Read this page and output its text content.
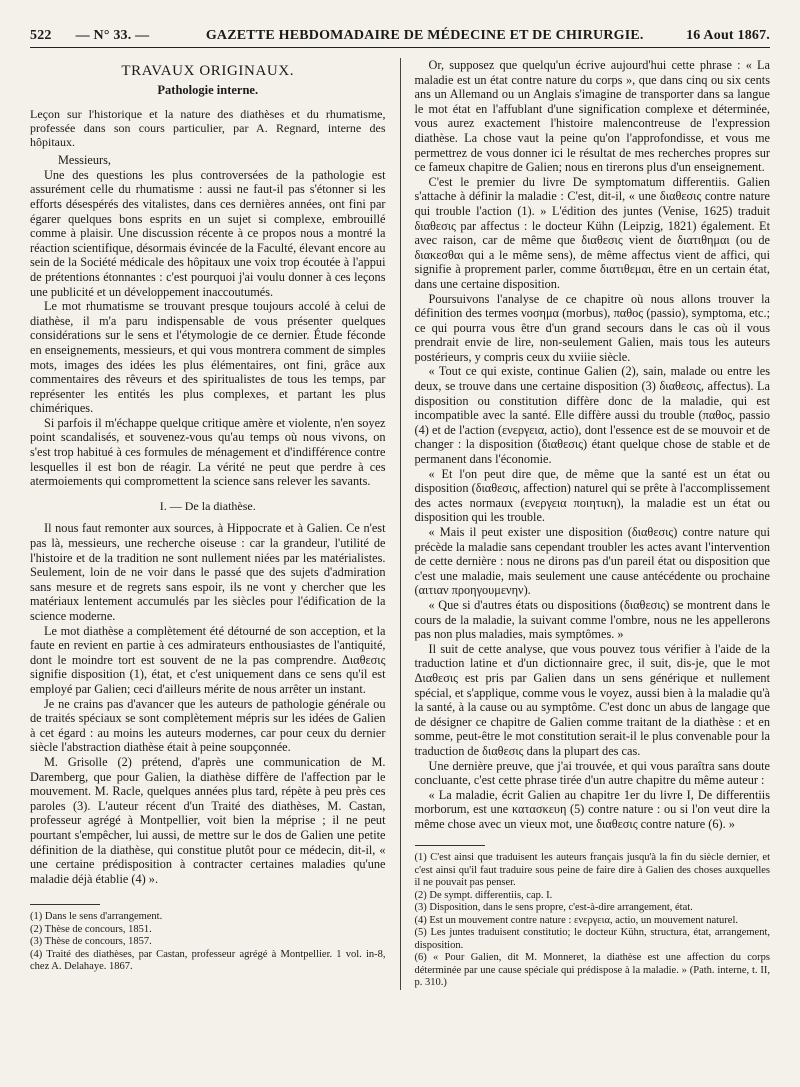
522 — N° 33. —	GAZETTE HEBDOMADAIRE DE MÉDECINE ET DE CHIRURGIE.	16 Aout 1867.
TRAVAUX ORIGINAUX.
Pathologie interne.

Leçon sur l'historique et la nature des diathèses et du rhumatisme, professée dans son cours particulier, par A. Regnard, interne des hôpitaux.

Messieurs,

Une des questions les plus controversées de la pathologie est assurément celle du rhumatisme : aussi ne faut-il pas s'étonner si les efforts désespérés des vitalistes, dans ces dernières années, ont fini par égarer quelques bons esprits en un sujet si complexe, embrouillé comme à plaisir. Une discussion récente à ce propos nous a montré la réaction scientifique, désormais évincée de la Faculté, élevant encore au sein de la Société médicale des hôpitaux une voix trop écoutée à l'appui de prétentions étonnantes : c'est pourquoi j'ai voulu donner à ces leçons une publicité et un développement inaccoutumés.

Le mot rhumatisme se trouvant presque toujours accolé à celui de diathèse, il m'a paru indispensable de vous présenter quelques considérations sur le sens et l'étymologie de ce dernier. Étude féconde en enseignements, messieurs, et qui vous montrera comment de simples mots, images des idées les plus élémentaires, ont fini, grâce aux commentaires des rêveurs et des spiritualistes de tous les temps, par représenter les entités les plus complexes, et partant les plus chimériques.

Si parfois il m'échappe quelque critique amère et violente, n'en soyez point scandalisés, et souvenez-vous qu'au temps où nous vivons, on s'est trop habitué à ces formules de ménagement et d'indifférence contre lesquelles il est bon de réagir. La vérité ne peut que perdre à ces atermoiements qui compromettent la science sans relever les savants.

I. — De la diathèse.

Il nous faut remonter aux sources, à Hippocrate et à Galien. Ce n'est pas là, messieurs, une recherche oiseuse : car la grandeur, l'utilité de l'histoire et de la tradition ne sont nullement niées par les matérialistes. Seulement, loin de ne voir dans le passé que des sujets d'admiration sans mesure et de regrets sans espoir, ils ne vont y chercher que les matériaux lentement accumulés par les siècles pour l'édification de la science moderne.

Le mot diathèse a complètement été détourné de son acception, et la faute en revient en partie à ces admirateurs enthousiastes de l'antiquité, dont le moindre tort est souvent de ne la pas comprendre. Διαθεσις signifie disposition (1), état, et c'est uniquement dans ce sens qu'il est employé par Galien; ceci d'ailleurs mérite de nous arrêter un instant.

Je ne crains pas d'avancer que les auteurs de pathologie générale ou de traités spéciaux se sont complètement mépris sur les idées de Galien à cet égard : au moins les auteurs modernes, car pour ceux du dernier siècle l'abstraction diathèse était à peine soupçonnée.

M. Grisolle (2) prétend, d'après une communication de M. Daremberg, que pour Galien, la diathèse diffère de l'affection par le mouvement. M. Racle, quelques années plus tard, répète à peu près ces paroles (3). L'auteur récent d'un Traité des diathèses, M. Castan, professeur agrégé à Montpellier, voit bien la méprise ; il ne peut pourtant s'empêcher, lui aussi, de mettre sur le dos de Galien une petite définition de la diathèse, qui constitue plutôt pour ce médecin, dit-il, « une certaine prédisposition à contracter certaines maladies qu'une maladie déjà établie (4) ».

(1) Dans le sens d'arrangement.

(2) Thèse de concours, 1851.

(3) Thèse de concours, 1857.

(4) Traité des diathèses, par Castan, professeur agrégé à Montpellier. 1 vol. in-8, chez A. Delahaye. 1867.

Or, supposez que quelqu'un écrive aujourd'hui cette phrase : « La maladie est un état contre nature du corps », que dans cinq ou six cents ans un Allemand ou un Anglais s'imagine de transporter dans sa langue le mot état en l'affublant d'une signification complexe et déterminée, vous aurez exactement l'histoire malencontreuse de l'expression diathèse. La chose vaut la peine qu'on l'approfondisse, et vous me permettrez de vous donner ici le résultat de mes recherches propres sur ce fameux chapitre de Galien; nous en tirerons plus d'un enseignement.

C'est le premier du livre De symptomatum differentiis. Galien s'attache à définir la maladie : C'est, dit-il, « une διαθεσις contre nature qui trouble l'action (1). » L'édition des juntes (Venise, 1625) traduit διαθεσις par affectus : le docteur Kühn (Leipzig, 1821) également. Et avec raison, car de même que διαθεσις vient de διατιθημαι (ou de διακεσθαι qui a le même sens), de même affectus vient de affici, qui signifie à proprement parler, comme διατιθεμαι, être en un certain état, dans une certaine disposition.

Poursuivons l'analyse de ce chapitre où nous allons trouver la définition des termes νοσημα (morbus), παθος (passio), symptoma, etc.; ce qui pourra vous être d'un grand secours dans le cas où il vous prendrait envie de lire, non-seulement Galien, mais tous les auteurs postérieurs, y compris ceux du xviiie siècle.

« Tout ce qui existe, continue Galien (2), sain, malade ou entre les deux, se trouve dans une certaine disposition (3) διαθεσις, affectus). La disposition ou constitution diffère donc de la maladie, qui est incompatible avec la santé. Elle diffère aussi du trouble (παθος, passio (4) et de l'action (ενεργεια, actio), dont l'essence est de se mouvoir et de changer : la disposition (διαθεσις) étant quelque chose de stable et de permanent dans l'économie.

« Et l'on peut dire que, de même que la santé est un état ou disposition (διαθεσις, affection) naturel qui se prête à l'accomplissement des actes normaux (ενεργεια ποιητικη), la maladie est un état ou disposition qui les trouble.

« Mais il peut exister une disposition (διαθεσις) contre nature qui précède la maladie sans cependant troubler les actes avant l'intervention de cette dernière : nous ne dirons pas d'un pareil état ou disposition que c'est une maladie, mais seulement une cause antécédente ou prochaine (αιτιαν προηγουμενην).

« Que si d'autres états ou dispositions (διαθεσις) se montrent dans le cours de la maladie, la suivant comme l'ombre, nous ne les appellerons pas non plus maladies, mais symptômes. »

Il suit de cette analyse, que vous pouvez tous vérifier à l'aide de la traduction latine et d'un dictionnaire grec, il suit, dis-je, que le mot Διαθεσις est pris par Galien dans un sens générique et nullement spécial, et s'applique, comme vous le voyez, aussi bien à la maladie qu'à la santé, à la cause ou au symptôme. C'est donc un abus de langage que de désigner ce chapitre de Galien comme traitant de la diathèse : et en somme, peut-être le mot constitution serait-il le plus convenable pour la traduction de διαθεσις dans la plupart des cas.

Une dernière preuve, que j'ai trouvée, et qui vous paraîtra sans doute concluante, c'est cette phrase tirée d'un autre chapitre du même auteur :

« La maladie, écrit Galien au chapitre 1er du livre I, De differentiis morborum, est une κατασκευη (5) contre nature : ou si l'on veut dire la même chose avec un vieux mot, une διαθεσις contre nature (6). »

(1) C'est ainsi que traduisent les auteurs français jusqu'à la fin du siècle dernier, et c'est ainsi qu'il faut traduire sous peine de faire dire à Galien des choses auxquelles il ne pouvait pas penser.

(2) De sympt. differentiis, cap. I.

(3) Disposition, dans le sens propre, c'est-à-dire arrangement, état.

(4) Est un mouvement contre nature : ενεργεια, actio, un mouvement naturel.

(5) Les juntes traduisent constitutio; le docteur Kühn, structura, état, arrangement, disposition.

(6) « Pour Galien, dit M. Monneret, la diathèse est une affection du corps déterminée par une cause spéciale qui prédispose à la maladie. » (Path. interne, t. II, p. 310.)
